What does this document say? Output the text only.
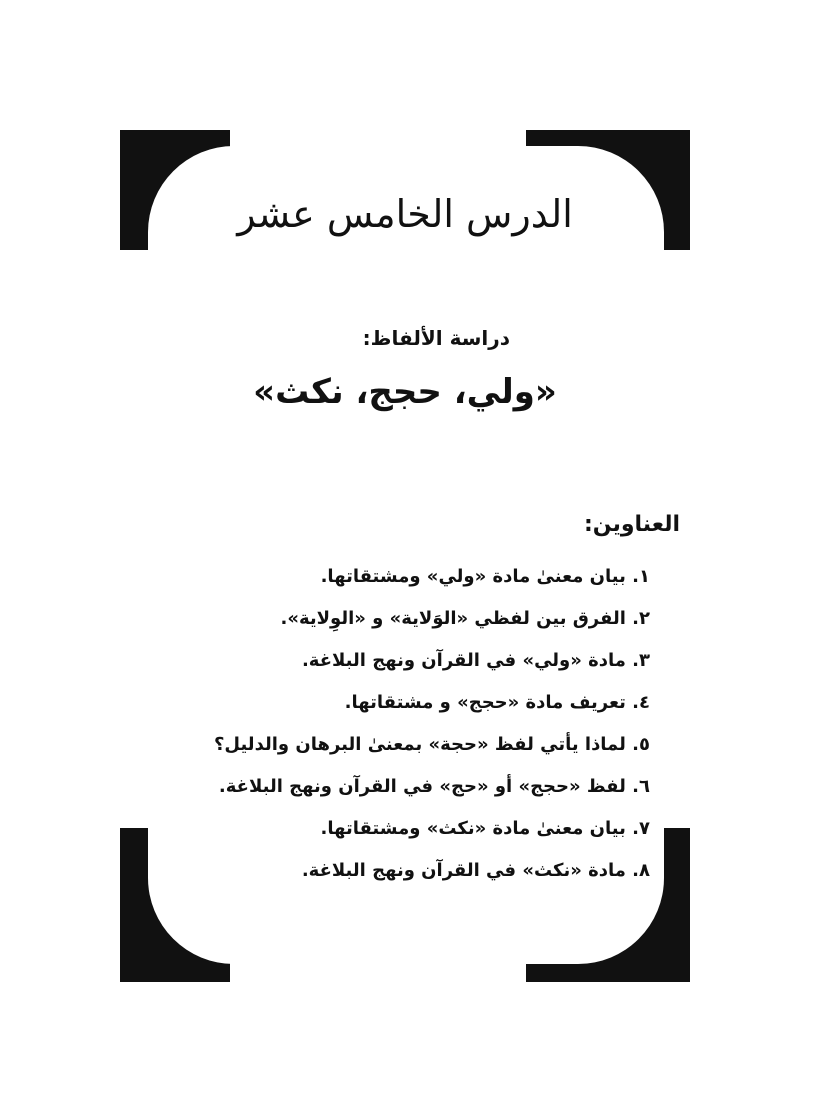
الدرس الخامس عشر
دراسة الألفاظ:
«ولي، حجج، نكث»
العناوين:
١. بيان معنىٰ مادة «ولي» ومشتقاتها.
٢. الفرق بين لفظي «الوَلاية» و «الوِلاية».
٣. مادة «ولي» في القرآن ونهج البلاغة.
٤. تعريف مادة «حجج» و مشتقاتها.
٥. لماذا يأتي لفظ «حجة» بمعنىٰ البرهان والدليل؟
٦. لفظ «حجج» أو «حج» في القرآن ونهج البلاغة.
٧. بيان معنىٰ مادة «نكث» ومشتقاتها.
٨. مادة «نكث» في القرآن ونهج البلاغة.
